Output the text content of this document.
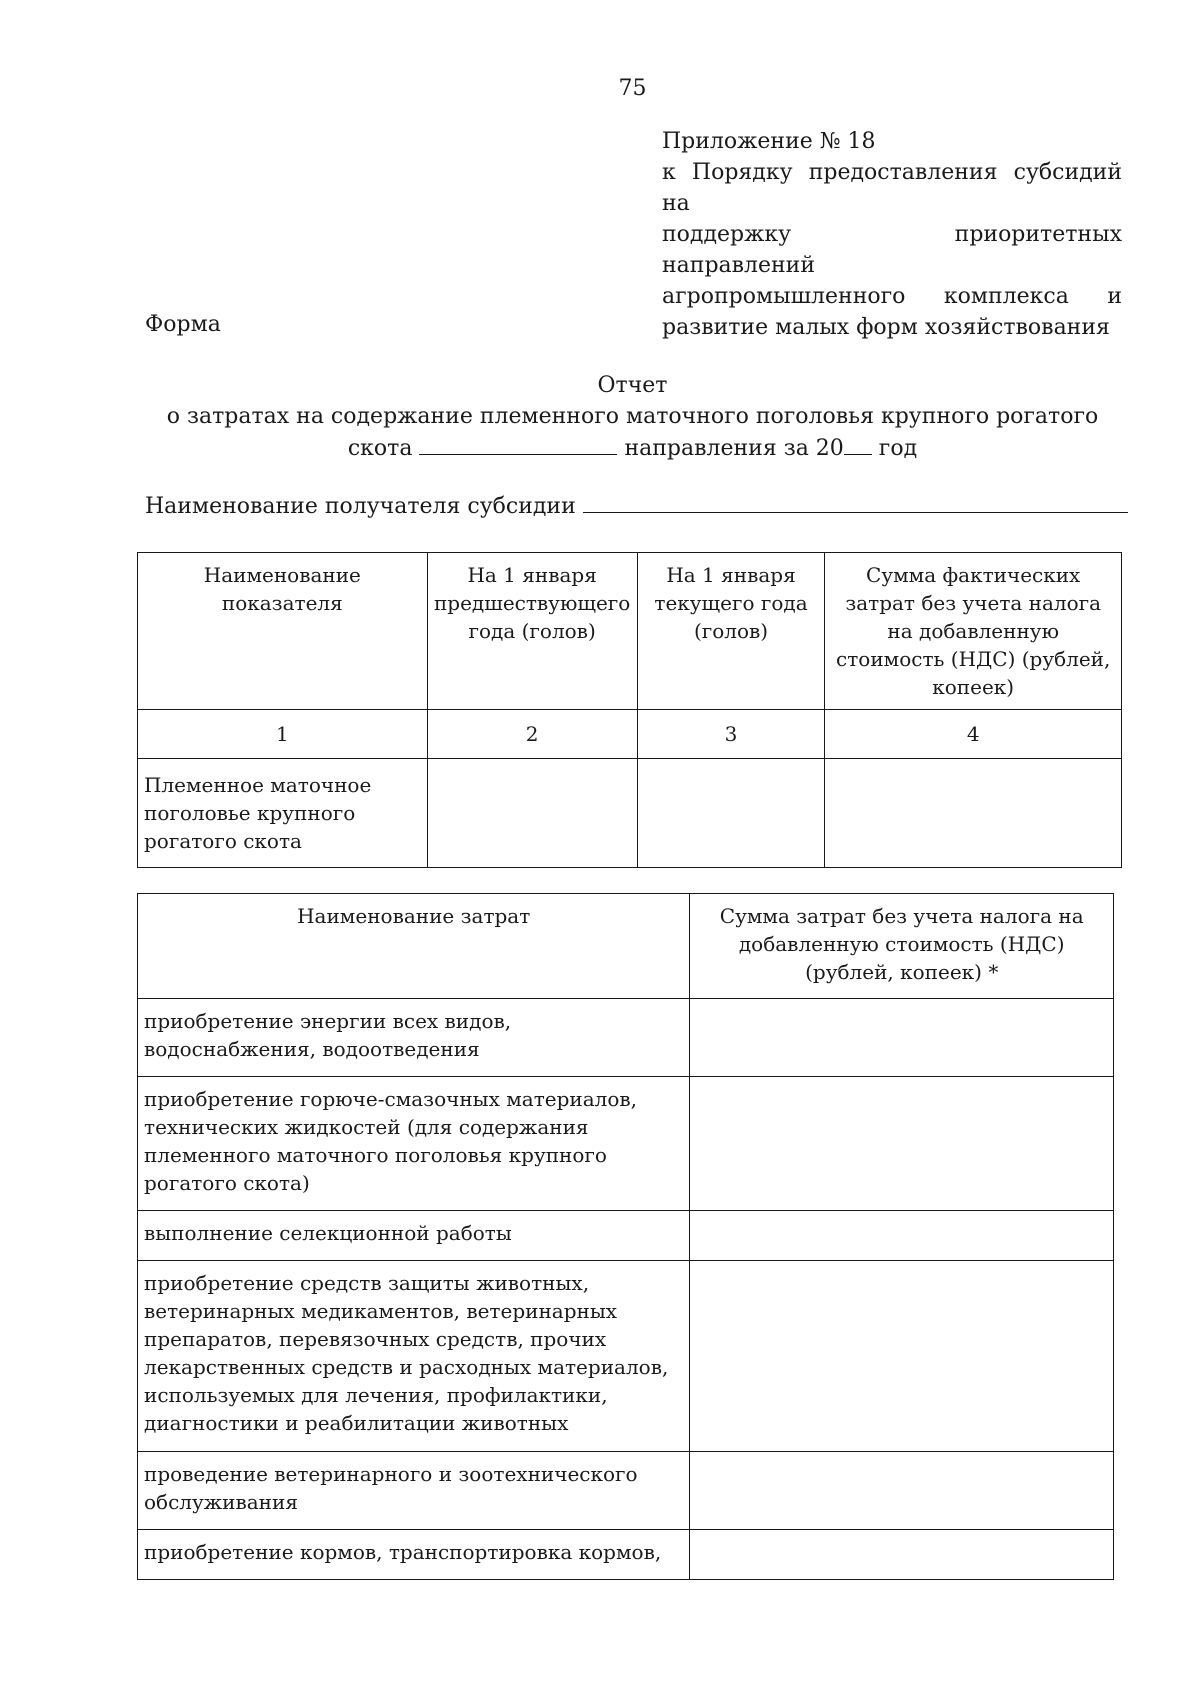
75
Приложение № 18
к Порядку предоставления субсидий на
поддержку приоритетных направлений
агропромышленного комплекса и
развитие малых форм хозяйствования
Форма
Отчет
о затратах на содержание племенного маточного поголовья крупного рогатого
скота	направления за 20 год
Наименование получателя субсидии
Наименование показателя	На 1 января предшествующего года (голов)	На 1 января текущего года (голов)	Сумма фактических затрат без учета налога на добавленную стоимость (НДС) (рублей, копеек)
1	2	3	4
Племенное маточное поголовье крупного рогатого скота			
Наименование затрат	Сумма затрат без учета налога на добавленную стоимость (НДС) (рублей, копеек) *
приобретение энергии всех видов, водоснабжения, водоотведения	
приобретение горюче-смазочных материалов, технических жидкостей (для содержания племенного маточного поголовья крупного рогатого скота)	
выполнение селекционной работы	
приобретение средств защиты животных, ветеринарных медикаментов, ветеринарных препаратов, перевязочных средств, прочих лекарственных средств и расходных материалов, используемых для лечения, профилактики, диагностики и реабилитации животных	
проведение ветеринарного и зоотехнического обслуживания	
приобретение кормов, транспортировка кормов,	
